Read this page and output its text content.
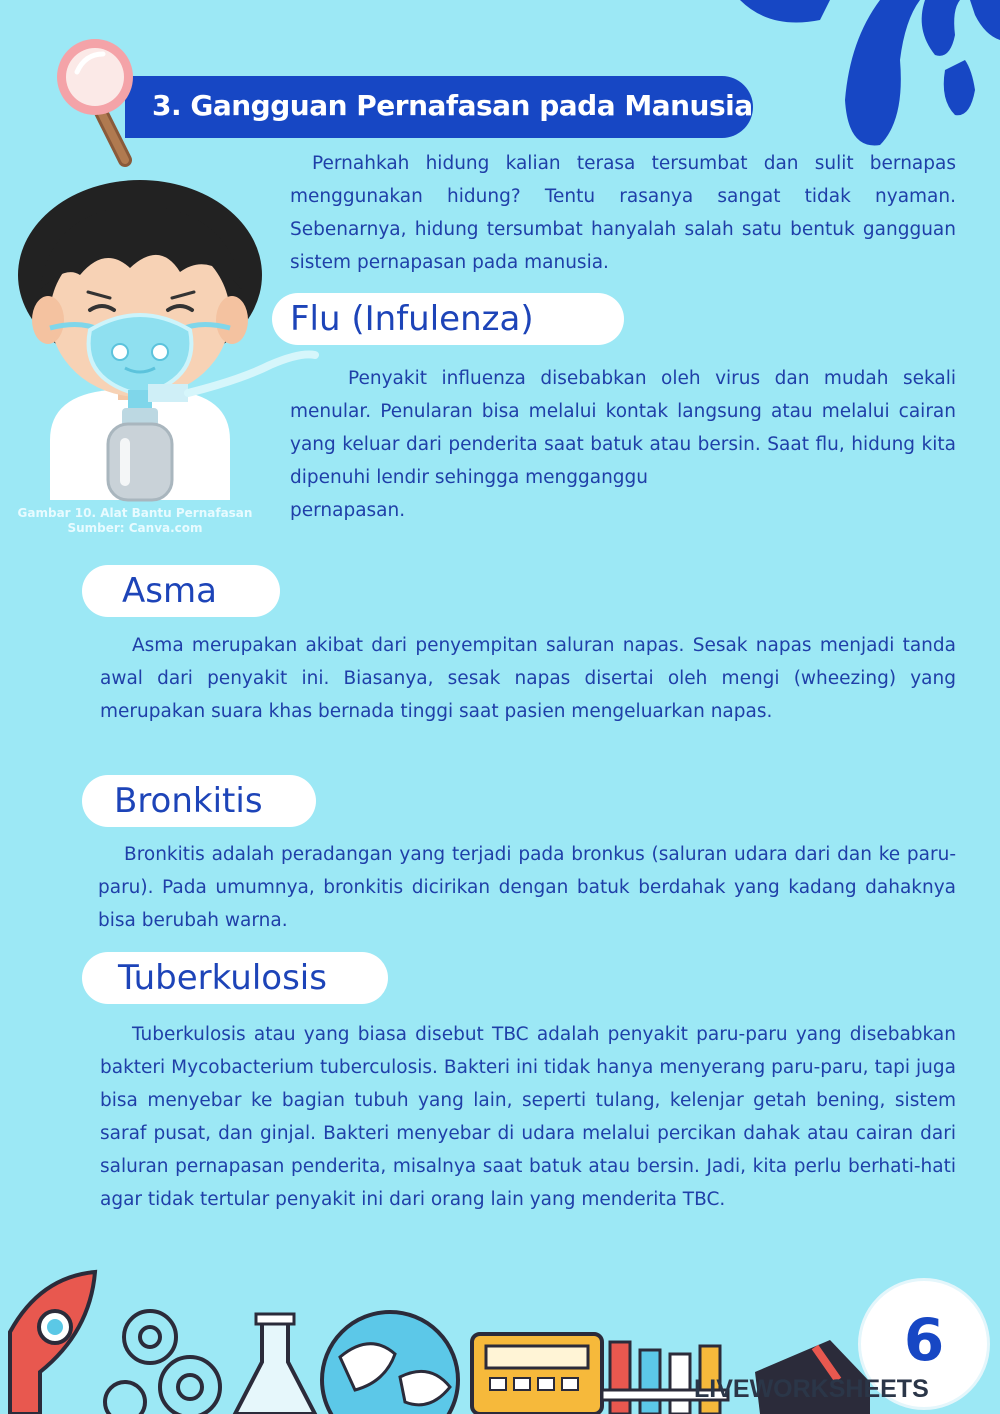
3. Gangguan Pernafasan pada Manusia
Pernahkah hidung kalian terasa tersumbat dan sulit bernapas menggunakan hidung? Tentu rasanya sangat tidak nyaman. Sebenarnya, hidung tersumbat hanyalah salah satu bentuk gangguan sistem pernapasan pada manusia.
Flu (Infulenza)
Penyakit influenza disebabkan oleh virus dan mudah sekali menular. Penularan bisa melalui kontak langsung atau melalui cairan yang keluar dari penderita saat batuk atau bersin. Saat flu, hidung kita dipenuhi lendir sehingga mengganggu
pernapasan.
Gambar 10. Alat Bantu Pernafasan
Sumber: Canva.com
Asma
Asma merupakan akibat dari penyempitan saluran napas. Sesak napas menjadi tanda awal dari penyakit ini. Biasanya, sesak napas disertai oleh mengi (wheezing) yang merupakan suara khas bernada tinggi saat pasien mengeluarkan napas.
Bronkitis
Bronkitis adalah peradangan yang terjadi pada bronkus (saluran udara dari dan ke paru-paru). Pada umumnya, bronkitis dicirikan dengan batuk berdahak yang kadang dahaknya bisa berubah warna.
Tuberkulosis
Tuberkulosis atau yang biasa disebut TBC adalah penyakit paru-paru yang disebabkan bakteri Mycobacterium tuberculosis. Bakteri ini tidak hanya menyerang paru-paru, tapi juga bisa menyebar ke bagian tubuh yang lain, seperti tulang, kelenjar getah bening, sistem saraf pusat, dan ginjal. Bakteri menyebar di udara melalui percikan dahak atau cairan dari saluran pernapasan penderita, misalnya saat batuk atau bersin. Jadi, kita perlu berhati-hati agar tidak tertular penyakit ini dari orang lain yang menderita TBC.
6
LIVEWORKSHEETS
